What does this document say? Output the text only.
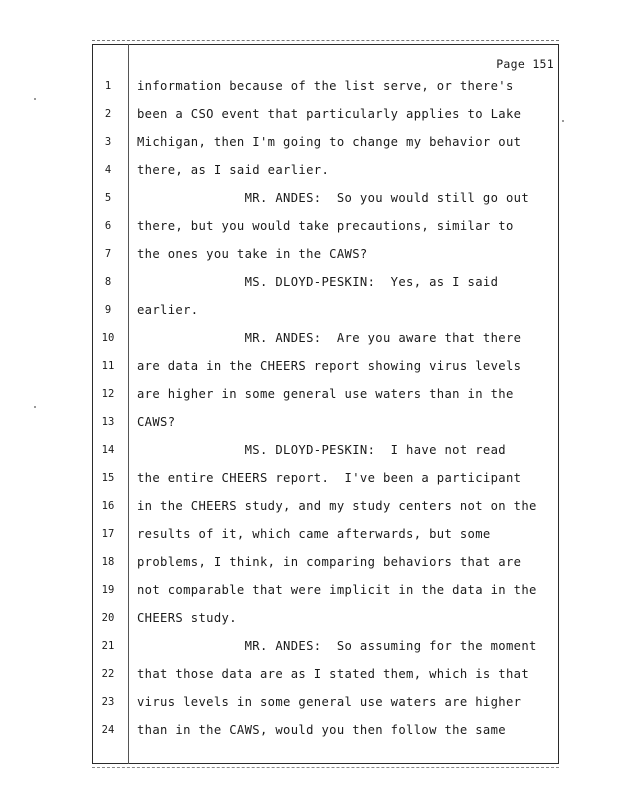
Page 151
1	information because of the list serve, or there's
2	been a CSO event that particularly applies to Lake
3	Michigan, then I'm going to change my behavior out
4	there, as I said earlier.
5	MR. ANDES:  So you would still go out
6	there, but you would take precautions, similar to
7	the ones you take in the CAWS?
8	MS. DLOYD-PESKIN:  Yes, as I said
9	earlier.
10	MR. ANDES:  Are you aware that there
11	are data in the CHEERS report showing virus levels
12	are higher in some general use waters than in the
13	CAWS?
14	MS. DLOYD-PESKIN:  I have not read
15	the entire CHEERS report.  I've been a participant
16	in the CHEERS study, and my study centers not on the
17	results of it, which came afterwards, but some
18	problems, I think, in comparing behaviors that are
19	not comparable that were implicit in the data in the
20	CHEERS study.
21	MR. ANDES:  So assuming for the moment
22	that those data are as I stated them, which is that
23	virus levels in some general use waters are higher
24	than in the CAWS, would you then follow the same
